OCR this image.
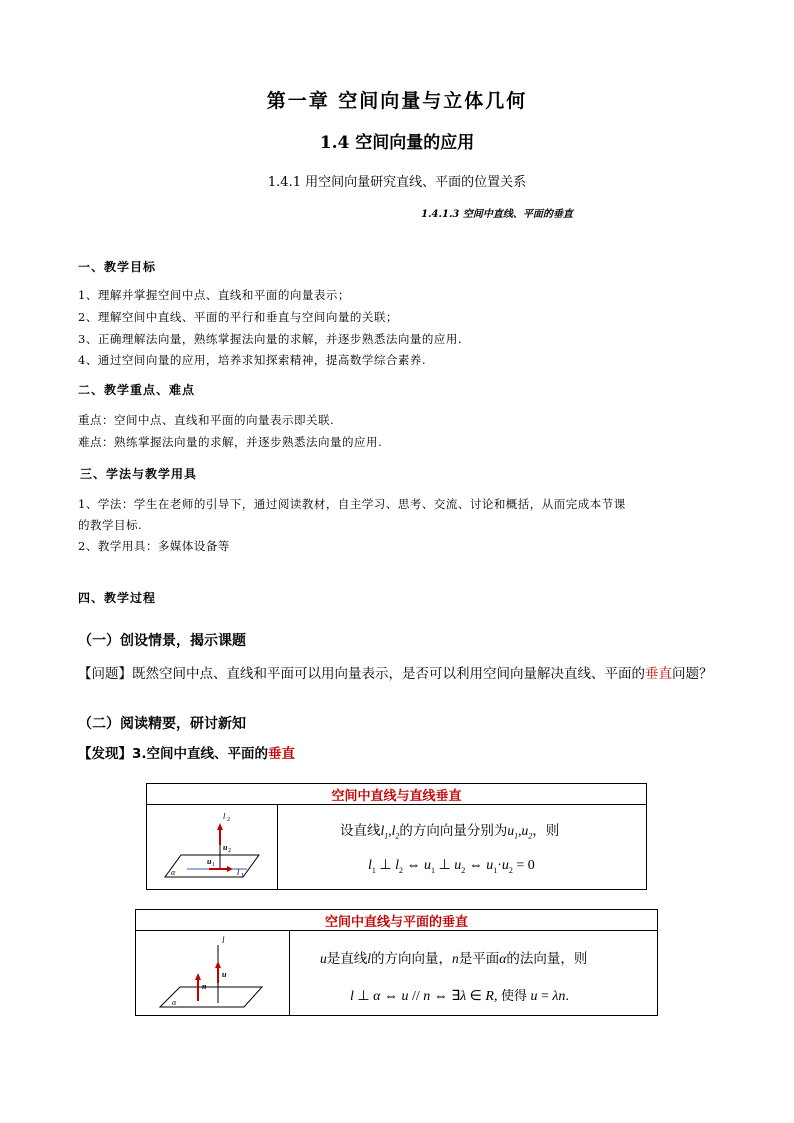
第一章 空间向量与立体几何
1.4 空间向量的应用
1.4.1 用空间向量研究直线、平面的位置关系
1.4.1.3 空间中直线、平面的垂直
一、教学目标
1、理解并掌握空间中点、直线和平面的向量表示；
2、理解空间中直线、平面的平行和垂直与空间向量的关联；
3、正确理解法向量，熟练掌握法向量的求解，并逐步熟悉法向量的应用.
4、通过空间向量的应用，培养求知探索精神，提高数学综合素养.
二、教学重点、难点
重点：空间中点、直线和平面的向量表示即关联.
难点：熟练掌握法向量的求解，并逐步熟悉法向量的应用.
三、学法与教学用具
1、学法：学生在老师的引导下，通过阅读教材，自主学习、思考、交流、讨论和概括，从而完成本节课
的教学目标.
2、教学用具：多媒体设备等
四、教学过程
（一）创设情景，揭示课题
【问题】既然空间中点、直线和平面可以用向量表示，是否可以利用空间向量解决直线、平面的垂直问题？
（二）阅读精要，研讨新知
【发现】3.空间中直线、平面的垂直
空间中直线与直线垂直

l 2
u 2
u 1
l 1
α

设直线$l_1,l_2$的方向向量分别为$u_1,u_2$，则
$l_1$ ⊥ $l_2$ ⇔ $u_1$ ⊥ $u_2$ ⇔ $u_1\cdot u_2 = 0$
空间中直线与平面的垂直

l
u
n
α

u是直线l的方向向量，n是平面α的法向量，则
l ⊥ α ⇔ u // n ⇔ ∃λ ∈ R, 使得 u = λn.
